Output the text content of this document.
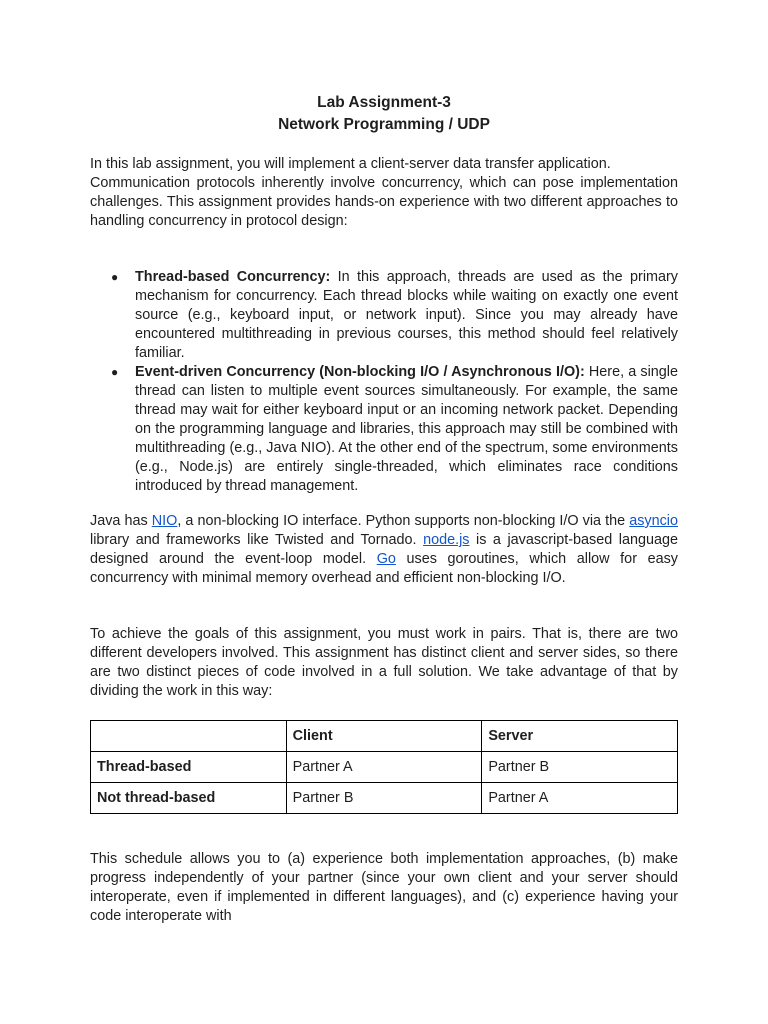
Lab Assignment-3
Network Programming / UDP
In this lab assignment, you will implement a client-server data transfer application.
Communication protocols inherently involve concurrency, which can pose implementation challenges. This assignment provides hands-on experience with two different approaches to handling concurrency in protocol design:
● Thread-based Concurrency: In this approach, threads are used as the primary mechanism for concurrency. Each thread blocks while waiting on exactly one event source (e.g., keyboard input, or network input). Since you may already have encountered multithreading in previous courses, this method should feel relatively familiar.
● Event-driven Concurrency (Non-blocking I/O / Asynchronous I/O): Here, a single thread can listen to multiple event sources simultaneously. For example, the same thread may wait for either keyboard input or an incoming network packet. Depending on the programming language and libraries, this approach may still be combined with multithreading (e.g., Java NIO). At the other end of the spectrum, some environments (e.g., Node.js) are entirely single-threaded, which eliminates race conditions introduced by thread management.
Java has NIO, a non-blocking IO interface. Python supports non-blocking I/O via the asyncio library and frameworks like Twisted and Tornado. node.js is a javascript-based language designed around the event-loop model. Go uses goroutines, which allow for easy concurrency with minimal memory overhead and efficient non-blocking I/O.
To achieve the goals of this assignment, you must work in pairs. That is, there are two different developers involved. This assignment has distinct client and server sides, so there are two distinct pieces of code involved in a full solution. We take advantage of that by dividing the work in this way:
	Client	Server
Thread-based	Partner A	Partner B
Not thread-based	Partner B	Partner A
This schedule allows you to (a) experience both implementation approaches, (b) make progress independently of your partner (since your own client and your server should interoperate, even if implemented in different languages), and (c) experience having your code interoperate with
